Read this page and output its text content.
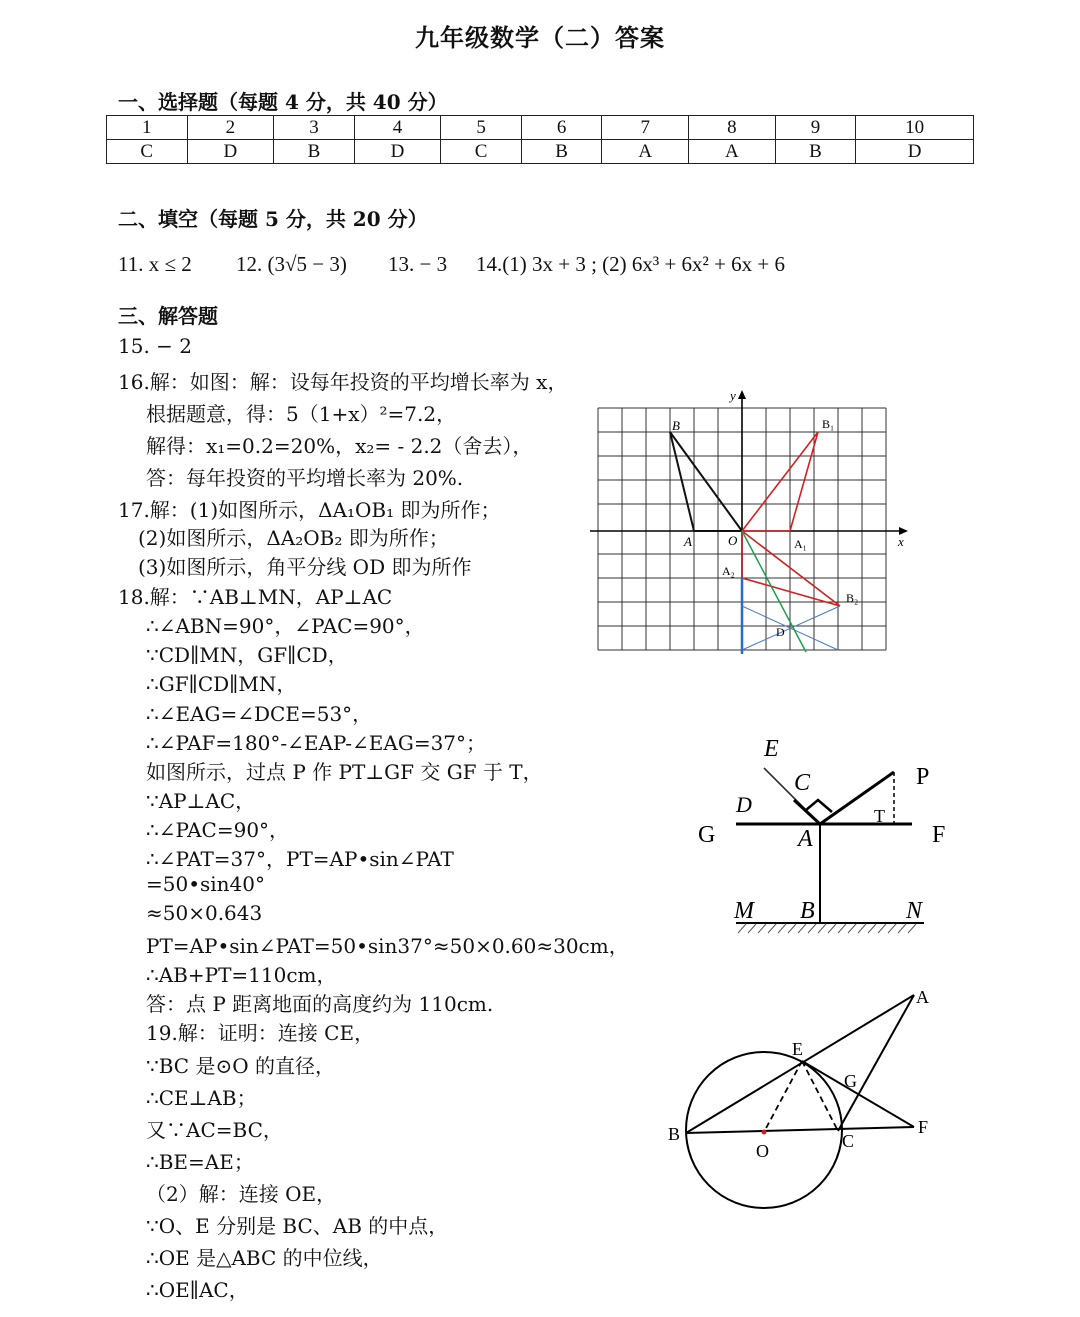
九年级数学（二）答案
一、选择题（每题 4 分，共 40 分）
1	2	3	4	5	6	7	8	9	10
C	D	B	D	C	B	A	A	B	D
二、填空（每题 5 分，共 20 分）
11. x ≤ 2 12. (3√5 − 3) 13. − 3 14.(1) 3x + 3 ; (2) 6x³ + 6x² + 6x + 6
三、解答题
15. − 2
16.解：如图：解：设每年投资的平均增长率为 x，
根据题意，得：5（1+x）²=7.2，
解得：x₁=0.2=20%，x₂= - 2.2（舍去），
答：每年投资的平均增长率为 20%.
17.解：(1)如图所示，ΔA₁OB₁ 即为所作；
(2)如图所示，ΔA₂OB₂ 即为所作；
(3)如图所示，角平分线 OD 即为所作
18.解：∵AB⊥MN，AP⊥AC
∴∠ABN=90°，∠PAC=90°，
∵CD∥MN，GF∥CD，
∴GF∥CD∥MN，
∴∠EAG=∠DCE=53°，
∴∠PAF=180°-∠EAP-∠EAG=37°；
如图所示，过点 P 作 PT⊥GF 交 GF 于 T，
∵AP⊥AC，
∴∠PAC=90°，
∴∠PAT=37°，PT=AP•sin∠PAT
=50•sin40°
≈50×0.643
PT=AP•sin∠PAT=50•sin37°≈50×0.60≈30cm，
∴AB+PT=110cm，
答：点 P 距离地面的高度约为 110cm.
19.解：证明：连接 CE，
∵BC 是⊙O 的直径，
∴CE⊥AB；
又∵AC=BC，
∴BE=AE；
（2）解：连接 OE，
∵O、E 分别是 BC、AB 的中点，
∴OE 是△ABC 的中位线，
∴OE∥AC，
y
x
B	B₁
A	O	A₁
A₂
B₂
D
E
C
D
P
G	A
T
F
M B	N
A
E
G
B
O	C
F
